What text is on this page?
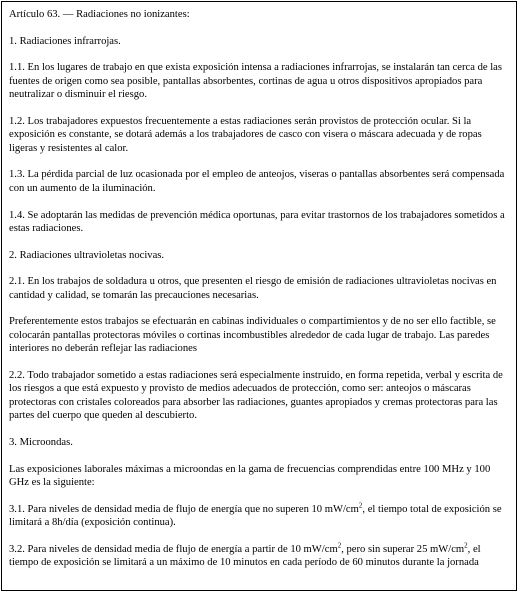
Artículo 63. — Radiaciones no ionizantes:

1. Radiaciones infrarrojas.

1.1. En los lugares de trabajo en que exista exposición intensa a radiaciones infrarrojas, se instalarán tan cerca de las fuentes de origen como sea posible, pantallas absorbentes, cortinas de agua u otros dispositivos apropiados para neutralizar o disminuir el riesgo.

1.2. Los trabajadores expuestos frecuentemente a estas radiaciones serán provistos de protección ocular. Si la exposición es constante, se dotará además a los trabajadores de casco con visera o máscara adecuada y de ropas ligeras y resistentes al calor.

1.3. La pérdida parcial de luz ocasionada por el empleo de anteojos, viseras o pantallas absorbentes será compensada con un aumento de la iluminación.

1.4. Se adoptarán las medidas de prevención médica oportunas, para evitar trastornos de los trabajadores sometidos a estas radiaciones.

2. Radiaciones ultravioletas nocivas.

2.1. En los trabajos de soldadura u otros, que presenten el riesgo de emisión de radiaciones ultravioletas nocivas en cantidad y calidad, se tomarán las precauciones necesarias.

Preferentemente estos trabajos se efectuarán en cabinas individuales o compartimientos y de no ser ello factible, se colocarán pantallas protectoras móviles o cortinas incombustibles alrededor de cada lugar de trabajo. Las paredes interiores no deberán reflejar las radiaciones

2.2. Todo trabajador sometido a estas radiaciones será especialmente instruido, en forma repetida, verbal y escrita de los riesgos a que está expuesto y provisto de medios adecuados de protección, como ser: anteojos o máscaras protectoras con cristales coloreados para absorber las radiaciones, guantes apropiados y cremas protectoras para las partes del cuerpo que queden al descubierto.

3. Microondas.

Las exposiciones laborales máximas a microondas en la gama de frecuencias comprendidas entre 100 MHz y 100 GHz es la siguiente:

3.1. Para niveles de densidad media de flujo de energía que no superen 10 $mW/cm^2$, el tiempo total de exposición se limitará a 8h/día (exposición continua).

3.2. Para niveles de densidad media de flujo de energía a partir de 10 $mW/cm^2$, pero sin superar 25 $mW/cm^2$, el tiempo de exposición se limitará a un máximo de 10 minutos en cada período de 60 minutos durante la jornada
